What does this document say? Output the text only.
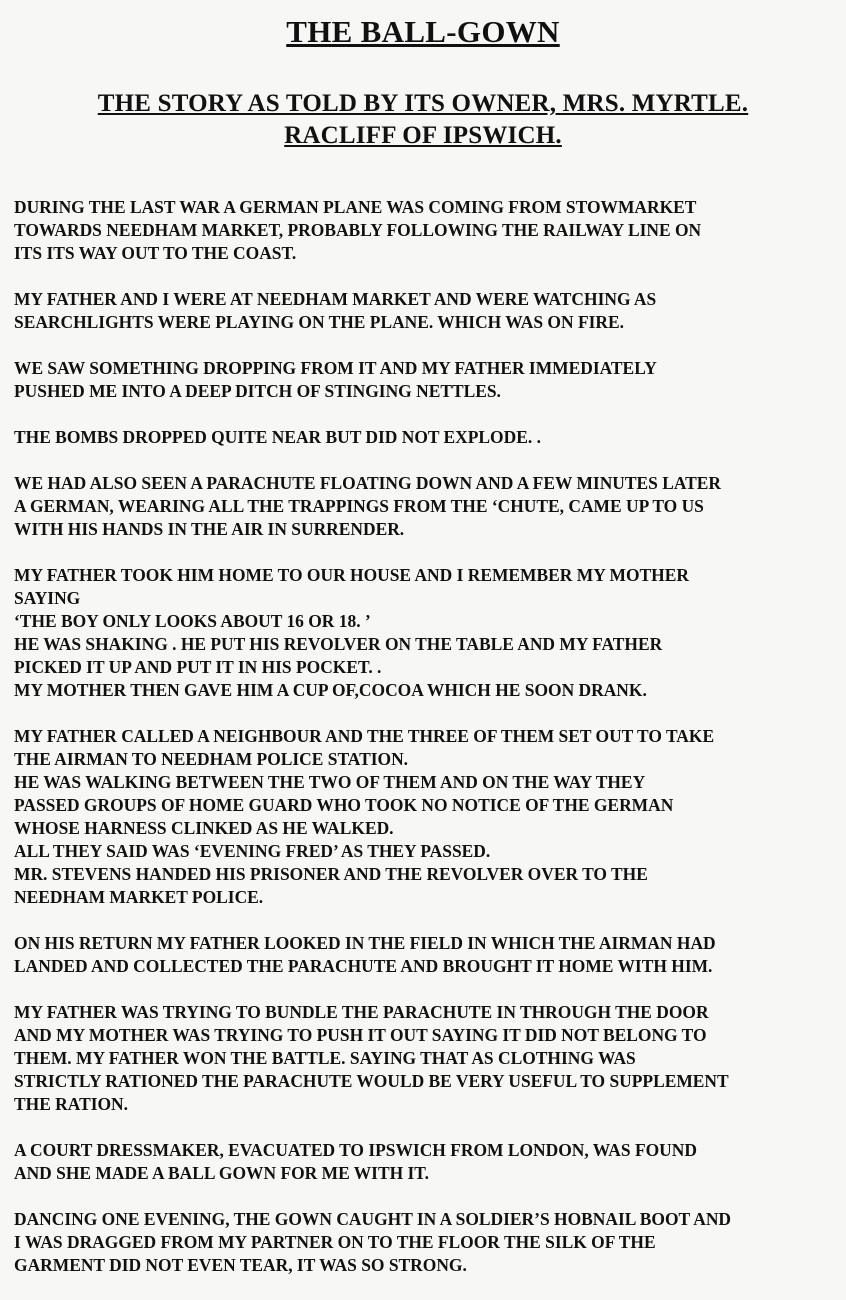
THE BALL-GOWN
THE STORY AS TOLD BY ITS OWNER, MRS. MYRTLE.
RACLIFF OF IPSWICH.
DURING THE LAST WAR A GERMAN PLANE WAS COMING FROM STOWMARKET
TOWARDS NEEDHAM MARKET, PROBABLY FOLLOWING THE RAILWAY LINE ON
ITS ITS WAY OUT TO THE COAST.
MY FATHER AND I WERE AT NEEDHAM MARKET AND WERE WATCHING AS
SEARCHLIGHTS WERE PLAYING ON THE PLANE. WHICH WAS ON FIRE.
WE SAW SOMETHING DROPPING FROM IT AND MY FATHER IMMEDIATELY
PUSHED ME INTO A DEEP DITCH OF STINGING NETTLES.
THE BOMBS DROPPED QUITE NEAR BUT DID NOT EXPLODE. .
WE HAD ALSO SEEN A PARACHUTE FLOATING DOWN AND A FEW MINUTES LATER
A GERMAN, WEARING ALL THE TRAPPINGS FROM THE ‘CHUTE, CAME UP TO US
WITH HIS HANDS IN THE AIR IN SURRENDER.
MY FATHER TOOK HIM HOME TO OUR HOUSE AND I REMEMBER MY MOTHER
SAYING
‘THE BOY ONLY LOOKS ABOUT 16 OR 18. ’
HE WAS SHAKING . HE PUT HIS REVOLVER ON THE TABLE AND MY FATHER
PICKED IT UP AND PUT IT IN HIS POCKET. .
MY MOTHER THEN GAVE HIM A CUP OF,COCOA WHICH HE SOON DRANK.
MY FATHER CALLED A NEIGHBOUR AND THE THREE OF THEM SET OUT TO TAKE
THE AIRMAN TO NEEDHAM POLICE STATION.
HE WAS WALKING BETWEEN THE TWO OF THEM AND ON THE WAY THEY
PASSED GROUPS OF HOME GUARD WHO TOOK NO NOTICE OF THE GERMAN
WHOSE HARNESS CLINKED AS HE WALKED.
ALL THEY SAID WAS ‘EVENING FRED’ AS THEY PASSED.
MR. STEVENS HANDED HIS PRISONER AND THE REVOLVER OVER TO THE
NEEDHAM MARKET POLICE.
ON HIS RETURN MY FATHER LOOKED IN THE FIELD IN WHICH THE AIRMAN HAD
LANDED AND COLLECTED THE PARACHUTE AND BROUGHT IT HOME WITH HIM.
MY FATHER WAS TRYING TO BUNDLE THE PARACHUTE IN THROUGH THE DOOR
AND MY MOTHER WAS TRYING TO PUSH IT OUT SAYING IT DID NOT BELONG TO
THEM. MY FATHER WON THE BATTLE. SAYING THAT AS CLOTHING WAS
STRICTLY RATIONED THE PARACHUTE WOULD BE VERY USEFUL TO SUPPLEMENT
THE RATION.
A COURT DRESSMAKER, EVACUATED TO IPSWICH FROM LONDON, WAS FOUND
AND SHE MADE A BALL GOWN FOR ME WITH IT.
DANCING ONE EVENING, THE GOWN CAUGHT IN A SOLDIER’S HOBNAIL BOOT AND
I WAS DRAGGED FROM MY PARTNER ON TO THE FLOOR THE SILK OF THE
GARMENT DID NOT EVEN TEAR, IT WAS SO STRONG.
